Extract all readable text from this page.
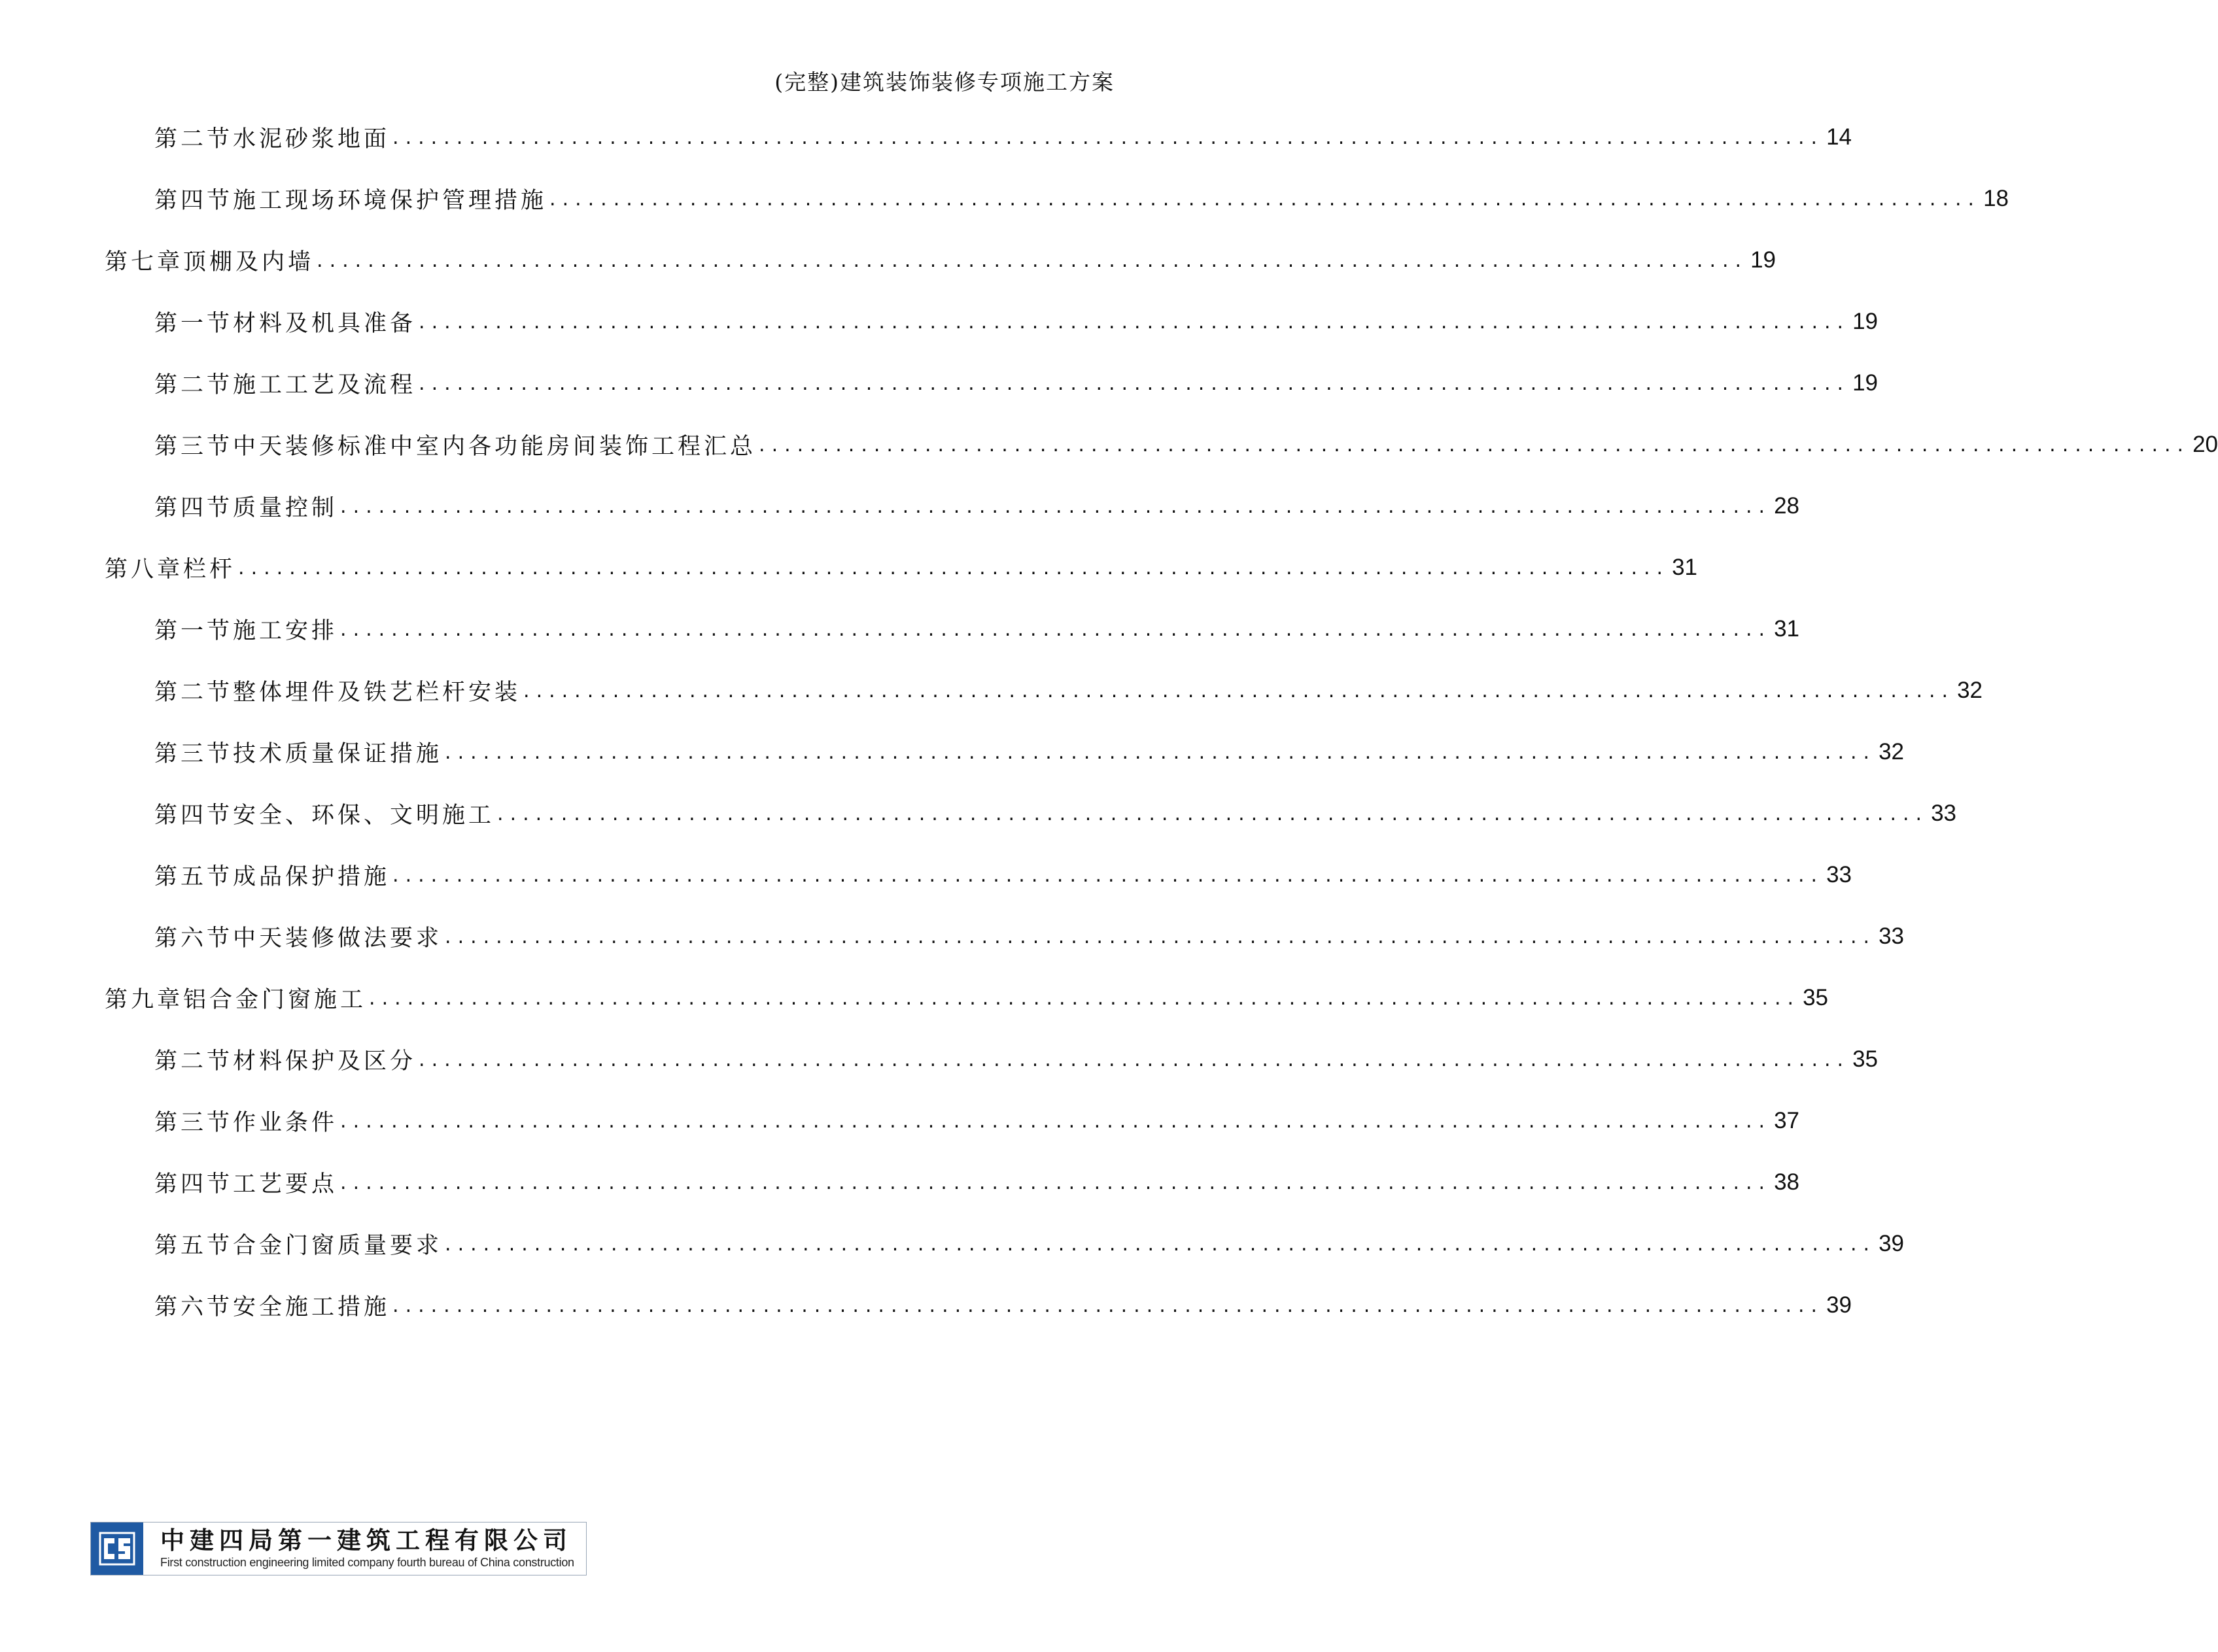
(完整)建筑装饰装修专项施工方案
第二节 水泥砂浆地面 ................................................................................................................ 14
第四节 施工现场环境保护管理措施 ................................................................................................................ 18
第七章 顶棚及内墙 ................................................................................................................ 19
第一节 材料及机具准备 ................................................................................................................ 19
第二节 施工工艺及流程 ................................................................................................................ 19
第三节 中天装修标准中室内各功能房间装饰工程汇总 ................................................................................................................ 20
第四节 质量控制 ................................................................................................................ 28
第八章 栏杆 ................................................................................................................ 31
第一节 施工安排 ................................................................................................................ 31
第二节 整体埋件及铁艺栏杆安装 ................................................................................................................ 32
第三节 技术质量保证措施 ................................................................................................................ 32
第四节 安全、环保、文明施工 ................................................................................................................ 33
第五节 成品保护措施 ................................................................................................................ 33
第六节 中天装修做法要求 ................................................................................................................ 33
第九章 铝合金门窗施工 ................................................................................................................ 35
第二节 材料保护及区分 ................................................................................................................ 35
第三节 作业条件 ................................................................................................................ 37
第四节 工艺要点 ................................................................................................................ 38
第五节 合金门窗质量要求 ................................................................................................................ 39
第六节 安全施工措施 ................................................................................................................ 39
中建四局第一建筑工程有限公司
First construction engineering limited company fourth bureau of China construction
